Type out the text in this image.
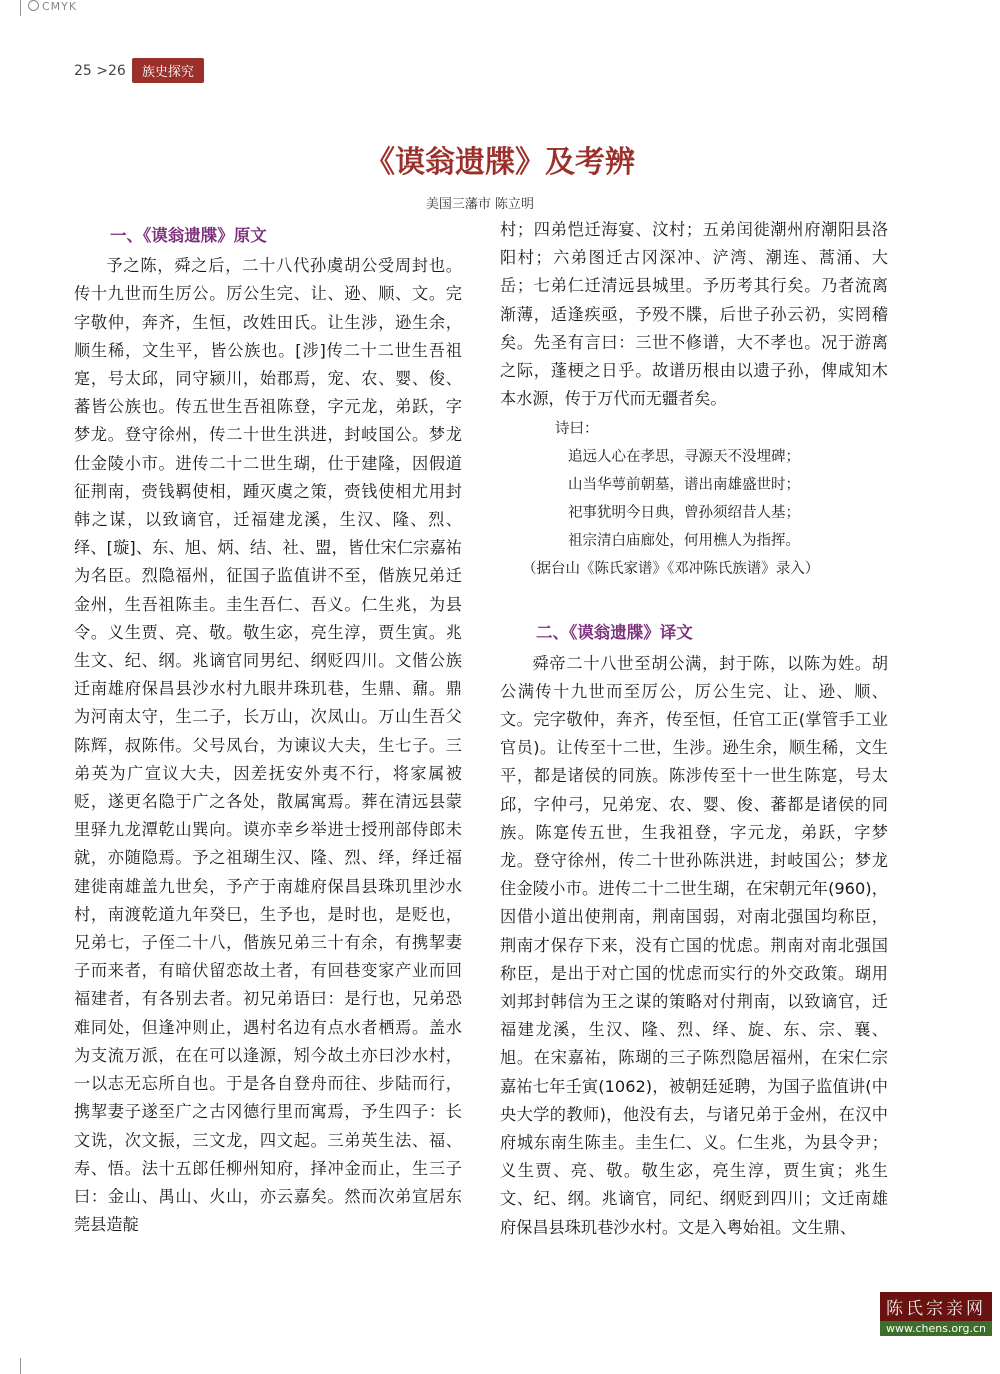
CMYK
25 >26	族史探究
《谟翁遗牒》及考辨
美国三藩市 陈立明
一、《谟翁遗牒》原文

予之陈，舜之后，二十八代孙虞胡公受周封也。传十九世而生厉公。厉公生完、让、逊、顺、文。完字敬仲，奔齐，生恒，改姓田氏。让生涉，逊生余，顺生稀，文生平，皆公族也。[涉]传二十二世生吾祖寔，号太邱，同守颍川，始郡焉，宠、农、婴、俊、蕃皆公族也。传五世生吾祖陈登，字元龙，弟跃，字梦龙。登守徐州，传二十世生洪进，封岐国公。梦龙仕金陵小市。进传二十二世生瑚，仕于建隆，因假道征荆南，赍钱羁使相，踵灭虞之策，赍钱使相尤用封韩之谋，以致谪官，迁福建龙溪，生汉、隆、烈、绎、[璇]、东、旭、炳、结、社、盟，皆仕宋仁宗嘉祐为名臣。烈隐福州，征国子监值讲不至，偕族兄弟迁金州，生吾祖陈圭。圭生吾仁、吾义。仁生兆，为县令。义生贾、亮、敬。敬生宓，亮生淳，贾生寅。兆生文、纪、纲。兆谪官同男纪、纲贬四川。文偕公族迁南雄府保昌县沙水村九眼井珠玑巷，生鼎、鼐。鼎为河南太守，生二子，长万山，次凤山。万山生吾父陈辉，叔陈伟。父号凤台，为谏议大夫，生七子。三弟英为广宣议大夫，因差抚安外夷不行，将家属被贬，遂更名隐于广之各处，散属寓焉。葬在清远县蒙里驿九龙潭乾山巽向。谟亦幸乡举进士授刑部侍郎未就，亦随隐焉。予之祖瑚生汉、隆、烈、绎，绎迁福建徙南雄盖九世矣，予产于南雄府保昌县珠玑里沙水村，南渡乾道九年癸巳，生予也，是时也，是贬也，兄弟七，子侄二十八，偕族兄弟三十有余，有携挈妻子而来者，有暗伏留恋故土者，有回巷变家产业而回福建者，有各别去者。初兄弟语曰：是行也，兄弟恐难同处，但逢冲则止，遇村名边有点水者栖焉。盖水为支流万派，在在可以逢源，矧今故土亦曰沙水村，一以志无忘所自也。于是各自登舟而往、步陆而行，携挈妻子遂至广之古冈德行里而寓焉，予生四子：长文诜，次文振，三文龙，四文起。三弟英生法、福、寿、悟。法十五郎任柳州知府，择冲金而止，生三子曰：金山、禺山、火山，亦云嘉矣。然而次弟宣居东莞县造靛

村；四弟恺迁海宴、汶村；五弟闰徙潮州府潮阳县洛阳村；六弟图迁古冈深冲、浐湾、潮连、蒿涌、大岳；七弟仁迁清远县城里。予历考其行矣。乃者流离渐薄，适逢疾亟，予殁不牒，后世子孙云礽，实罔稽矣。先圣有言曰：三世不修谱，大不孝也。况于游离之际，蓬梗之日乎。故谱历根由以遗子孙，俾咸知木本水源，传于万代而无疆者矣。

诗曰：
追远人心在孝思，寻源天不没埋碑；
山当华萼前朝墓，谱出南雄盛世时；
祀事犹明今日典，曾孙须绍昔人基；
祖宗清白庙廊处，何用樵人为指挥。
（据台山《陈氏家谱》《邓冲陈氏族谱》录入）
二、《谟翁遗牒》译文

舜帝二十八世至胡公满，封于陈，以陈为姓。胡公满传十九世而至厉公，厉公生完、让、逊、顺、文。完字敬仲，奔齐，传至恒，任官工正(掌管手工业官员)。让传至十二世，生涉。逊生余，顺生稀，文生平，都是诸侯的同族。陈涉传至十一世生陈寔，号太邱，字仲弓，兄弟宠、农、婴、俊、蕃都是诸侯的同族。陈寔传五世，生我祖登，字元龙，弟跃，字梦龙。登守徐州，传二十世孙陈洪进，封岐国公；梦龙住金陵小市。进传二十二世生瑚，在宋朝元年(960)，因借小道出使荆南，荆南国弱，对南北强国均称臣，荆南才保存下来，没有亡国的忧虑。荆南对南北强国称臣，是出于对亡国的忧虑而实行的外交政策。瑚用刘邦封韩信为王之谋的策略对付荆南，以致谪官，迁福建龙溪，生汉、隆、烈、绎、旋、东、宗、襄、旭。在宋嘉祐，陈瑚的三子陈烈隐居福州，在宋仁宗嘉祐七年壬寅(1062)，被朝廷延聘，为国子监值讲(中央大学的教师)，他没有去，与诸兄弟于金州，在汉中府城东南生陈圭。圭生仁、义。仁生兆，为县令尹；义生贾、亮、敬。敬生宓，亮生淳，贾生寅；兆生文、纪、纲。兆谪官，同纪、纲贬到四川；文迁南雄府保昌县珠玑巷沙水村。文是入粤始祖。文生鼎、

陈氏宗亲网
www.chens.org.cn
